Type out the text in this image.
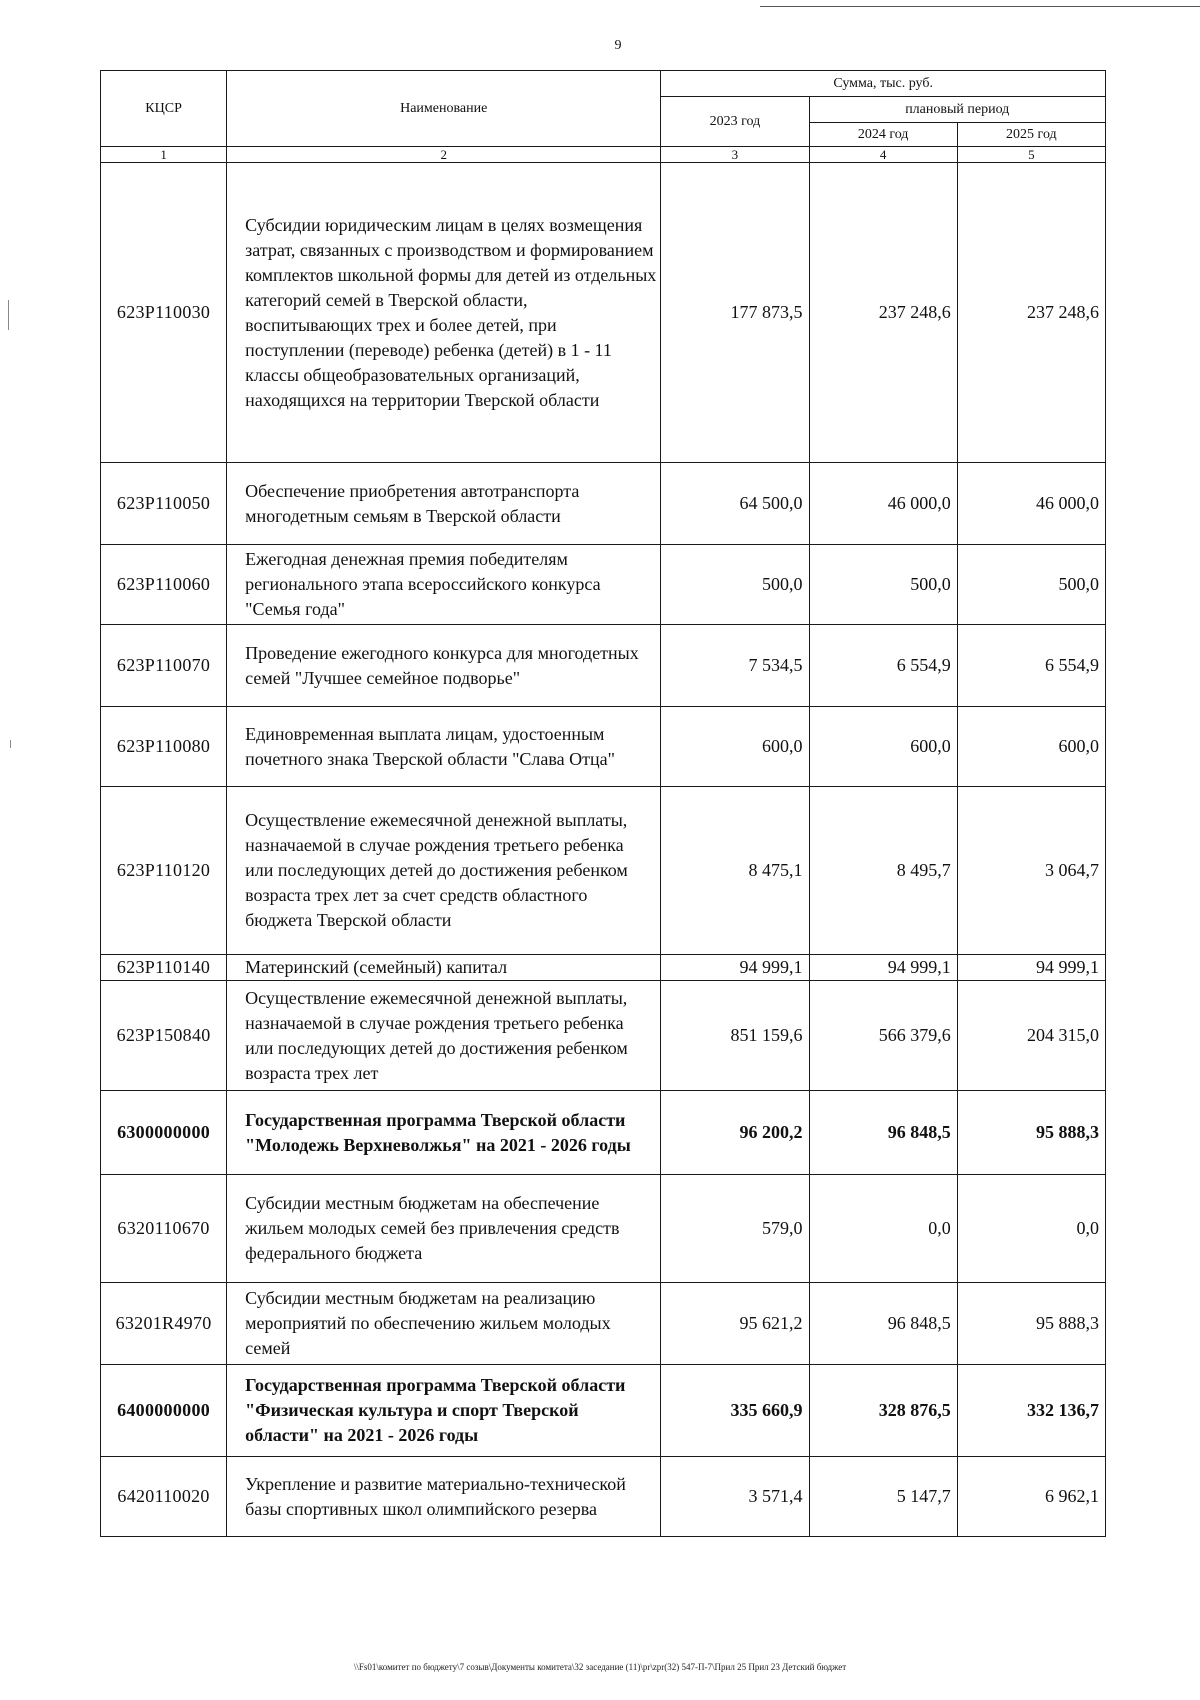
9
КЦСР	Наименование	Сумма, тыс. руб.		
		2023 год	плановый период	
			2024 год	2025 год
1	2	3	4	5
623Р110030	Субсидии юридическим лицам в целях возмещения затрат, связанных с производством и формированием комплектов школьной формы для детей из отдельных категорий семей в Тверской области, воспитывающих трех и более детей, при поступлении (переводе) ребенка (детей) в 1 - 11 классы общеобразовательных организаций, находящихся на территории Тверской области	177 873,5	237 248,6	237 248,6
623Р110050	Обеспечение приобретения автотранспорта многодетным семьям в Тверской области	64 500,0	46 000,0	46 000,0
623Р110060	Ежегодная денежная премия победителям регионального этапа всероссийского конкурса "Семья года"	500,0	500,0	500,0
623Р110070	Проведение ежегодного конкурса для многодетных семей "Лучшее семейное подворье"	7 534,5	6 554,9	6 554,9
623Р110080	Единовременная выплата лицам, удостоенным почетного знака Тверской области "Слава Отца"	600,0	600,0	600,0
623Р110120	Осуществление ежемесячной денежной выплаты, назначаемой в случае рождения третьего ребенка или последующих детей до достижения ребенком возраста трех лет за счет средств областного бюджета Тверской области	8 475,1	8 495,7	3 064,7
623Р110140	Материнский (семейный) капитал	94 999,1	94 999,1	94 999,1
623Р150840	Осуществление ежемесячной денежной выплаты, назначаемой в случае рождения третьего ребенка или последующих детей до достижения ребенком возраста трех лет	851 159,6	566 379,6	204 315,0
6300000000	Государственная программа Тверской области "Молодежь Верхневолжья" на 2021 - 2026 годы	96 200,2	96 848,5	95 888,3
6320110670	Субсидии местным бюджетам на обеспечение жильем молодых семей без привлечения средств федерального бюджета	579,0	0,0	0,0
63201R4970	Субсидии местным бюджетам на реализацию мероприятий по обеспечению жильем молодых семей	95 621,2	96 848,5	95 888,3
6400000000	Государственная программа Тверской области "Физическая культура и спорт Тверской области" на 2021 - 2026 годы	335 660,9	328 876,5	332 136,7
6420110020	Укрепление и развитие материально-технической базы спортивных школ олимпийского резерва	3 571,4	5 147,7	6 962,1
\\Fs01\комитет по бюджету\7 созыв\Документы комитета\32 заседание (11)\pr\zpr(32) 547-П-7\Прил 25 Прил 23 Детский бюджет
